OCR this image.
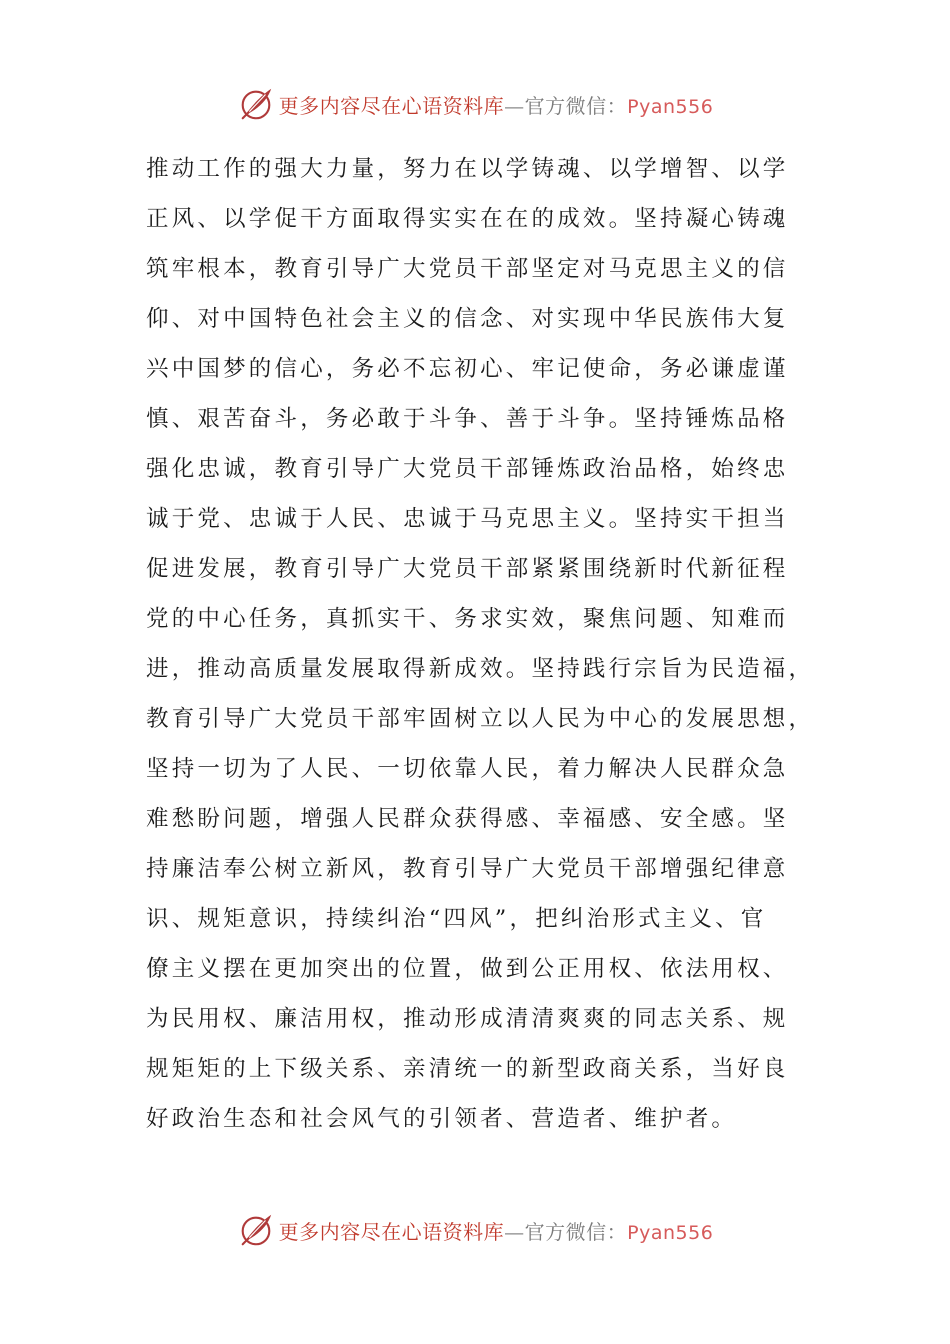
更多内容尽在心语资料库 — 官方微信： Pyan556
推动工作的强大力量，努力在以学铸魂、以学增智、以学
正风、以学促干方面取得实实在在的成效。坚持凝心铸魂
筑牢根本，教育引导广大党员干部坚定对马克思主义的信
仰、对中国特色社会主义的信念、对实现中华民族伟大复
兴中国梦的信心，务必不忘初心、牢记使命，务必谦虚谨
慎、艰苦奋斗，务必敢于斗争、善于斗争。坚持锤炼品格
强化忠诚，教育引导广大党员干部锤炼政治品格，始终忠
诚于党、忠诚于人民、忠诚于马克思主义。坚持实干担当
促进发展，教育引导广大党员干部紧紧围绕新时代新征程
党的中心任务，真抓实干、务求实效，聚焦问题、知难而
进，推动高质量发展取得新成效。坚持践行宗旨为民造福，
教育引导广大党员干部牢固树立以人民为中心的发展思想，
坚持一切为了人民、一切依靠人民，着力解决人民群众急
难愁盼问题，增强人民群众获得感、幸福感、安全感。坚
持廉洁奉公树立新风，教育引导广大党员干部增强纪律意
识、规矩意识，持续纠治“四风”，把纠治形式主义、官
僚主义摆在更加突出的位置，做到公正用权、依法用权、
为民用权、廉洁用权，推动形成清清爽爽的同志关系、规
规矩矩的上下级关系、亲清统一的新型政商关系，当好良
好政治生态和社会风气的引领者、营造者、维护者。
更多内容尽在心语资料库 — 官方微信： Pyan556
